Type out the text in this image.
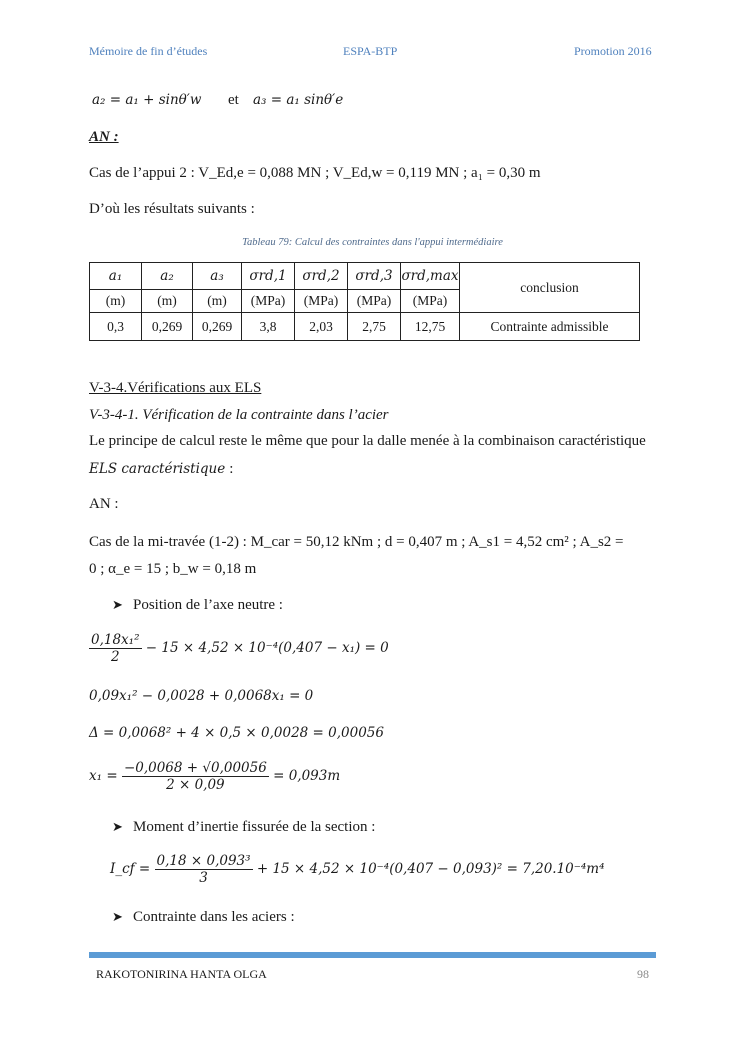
Mémoire de fin d’études	ESPA-BTP	Promotion 2016
a₂ = a₁ + sinθ′w et a₃ = a₁ sinθ′e
AN :
Cas de l’appui 2 : V_Ed,e = 0,088 MN ; V_Ed,w = 0,119 MN ; a₁ = 0,30 m
D’où les résultats suivants :
Tableau 79: Calcul des contraintes dans l'appui intermédiaire
a₁	a₂	a₃	σrd,1	σrd,2	σrd,3	σrd,max	conclusion
(m)	(m)	(m)	(MPa)	(MPa)	(MPa)	(MPa)	
0,3	0,269	0,269	3,8	2,03	2,75	12,75	Contrainte admissible
V-3-4.Vérifications aux ELS
V-3-4-1. Vérification de la contrainte dans l’acier
Le principe de calcul reste le même que pour la dalle menée à la combinaison caractéristique
ELS caractéristique :
AN :
Cas de la mi-travée (1-2) : M_car = 50,12 kNm ; d = 0,407 m ; A_s1 = 4,52 cm² ; A_s2 =
0 ; α_e = 15 ; b_w = 0,18 m
➤ Position de l’axe neutre :
$\frac{\text{0,18x₁²}}{2} - 15 \times 4,52 \times 10^{-4}(0,407 - x_1) = 0$
0,09x₁² − 0,0028 + 0,0068x₁ = 0
Δ = 0,0068² + 4 × 0,5 × 0,0028 = 0,00056
$x_1 = \frac{-0,0068 + √0,00056}{2 \times 0,09} = 0,093m$
➤ Moment d’inertie fissurée de la section :
I_cf = $\frac{\text{0,18 × 0,093³}}{3} + 15 \times 4,52 \times 10^{-4}(0,407 - 0,093)^2 = 7,20.10^{-4}m^4$
➤ Contrainte dans les aciers :
RAKOTONIRINA HANTA OLGA	98
